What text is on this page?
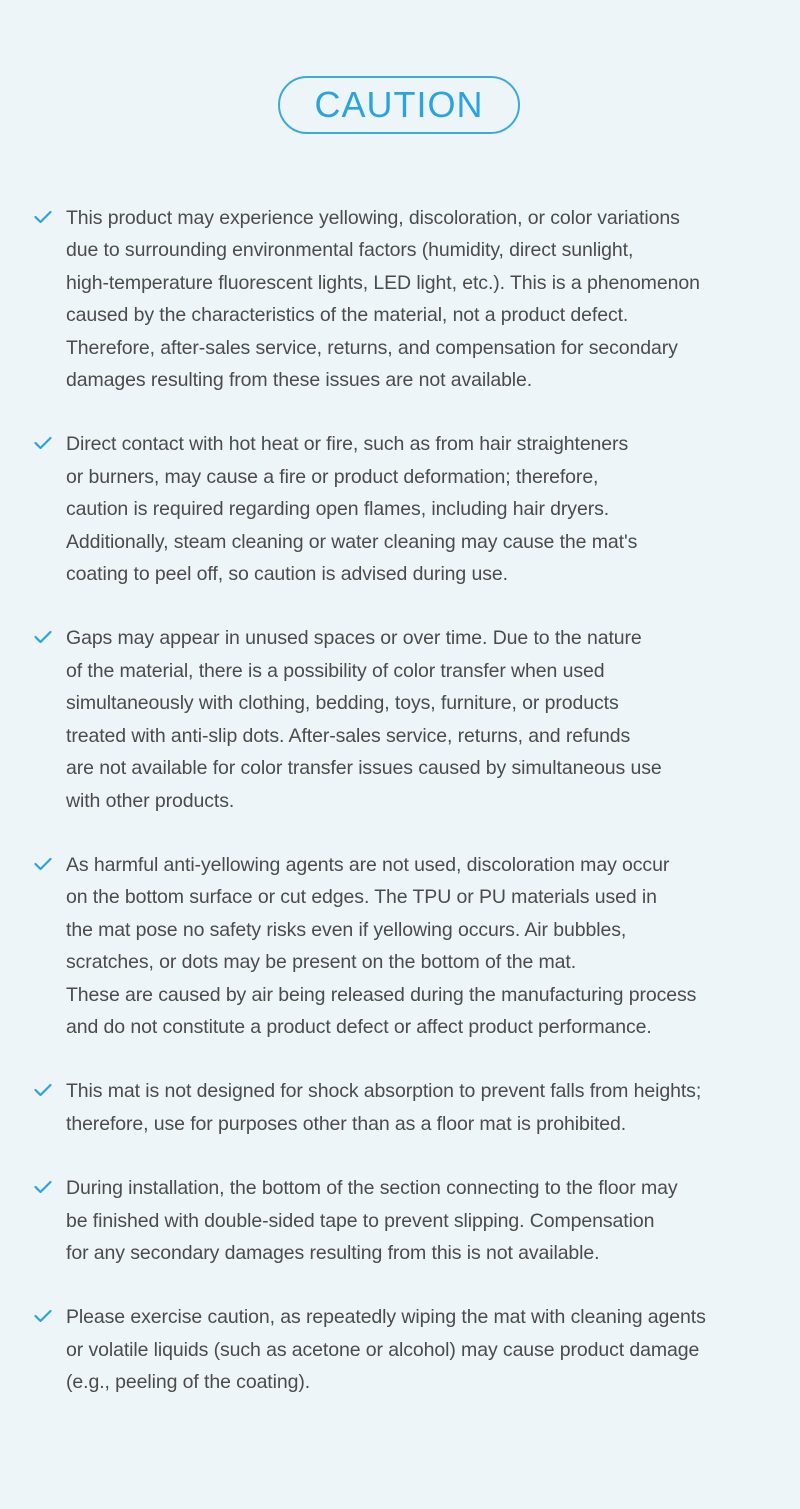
CAUTION
This product may experience yellowing, discoloration, or color variations
due to surrounding environmental factors (humidity, direct sunlight,
high-temperature fluorescent lights, LED light, etc.). This is a phenomenon
caused by the characteristics of the material, not a product defect.
Therefore, after-sales service, returns, and compensation for secondary
damages resulting from these issues are not available.
Direct contact with hot heat or fire, such as from hair straighteners
or burners, may cause a fire or product deformation; therefore,
caution is required regarding open flames, including hair dryers.
Additionally, steam cleaning or water cleaning may cause the mat's
coating to peel off, so caution is advised during use.
Gaps may appear in unused spaces or over time. Due to the nature
of the material, there is a possibility of color transfer when used
simultaneously with clothing, bedding, toys, furniture, or products
treated with anti-slip dots. After-sales service, returns, and refunds
are not available for color transfer issues caused by simultaneous use
with other products.
As harmful anti-yellowing agents are not used, discoloration may occur
on the bottom surface or cut edges. The TPU or PU materials used in
the mat pose no safety risks even if yellowing occurs. Air bubbles,
scratches, or dots may be present on the bottom of the mat.
These are caused by air being released during the manufacturing process
and do not constitute a product defect or affect product performance.
This mat is not designed for shock absorption to prevent falls from heights;
therefore, use for purposes other than as a floor mat is prohibited.
During installation, the bottom of the section connecting to the floor may
be finished with double-sided tape to prevent slipping. Compensation
for any secondary damages resulting from this is not available.
Please exercise caution, as repeatedly wiping the mat with cleaning agents
or volatile liquids (such as acetone or alcohol) may cause product damage
(e.g., peeling of the coating).
